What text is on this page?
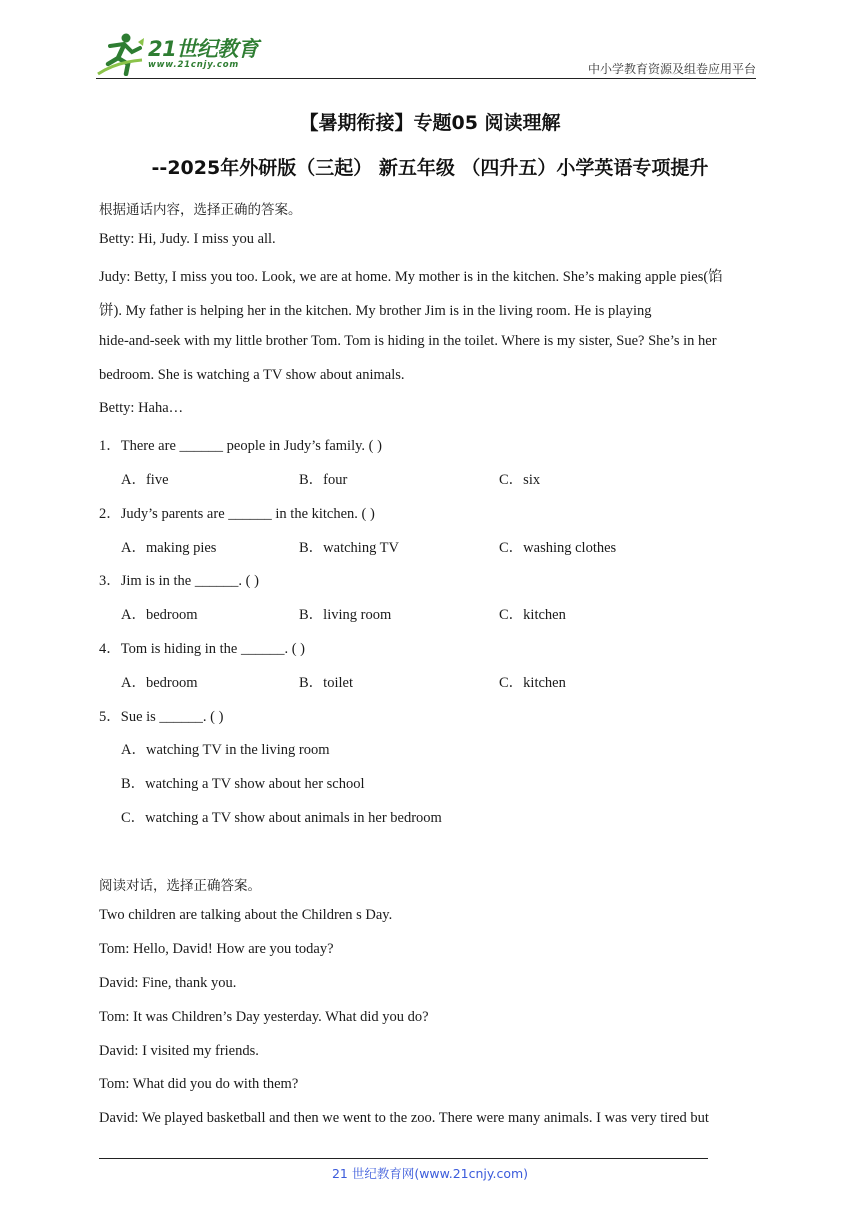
21世纪教育
www.21cnjy.com	中小学教育资源及组卷应用平台
【暑期衔接】专题05 阅读理解
--2025年外研版（三起） 新五年级 （四升五）小学英语专项提升
根据通话内容，选择正确的答案。
Betty: Hi, Judy. I miss you all.
Judy: Betty, I miss you too. Look, we are at home. My mother is in the kitchen. She’s making apple pies(馅
饼). My father is helping her in the kitchen. My brother Jim is in the living room. He is playing
hide-and-seek with my little brother Tom. Tom is hiding in the toilet. Where is my sister, Sue? She’s in her
bedroom. She is watching a TV show about animals.
Betty: Haha…
1．There are ______ people in Judy’s family. ( )
A．five	B．four	C．six
2．Judy’s parents are ______ in the kitchen. ( )
A．making pies	B．watching TV	C．washing clothes
3．Jim is in the ______. ( )
A．bedroom	B．living room	C．kitchen
4．Tom is hiding in the ______. ( )
A．bedroom	B．toilet	C．kitchen
5．Sue is ______. ( )
A．watching TV in the living room
B．watching a TV show about her school
C．watching a TV show about animals in her bedroom
阅读对话，选择正确答案。
Two children are talking about the Children s Day.
Tom: Hello, David! How are you today?
David: Fine, thank you.
Tom: It was Children’s Day yesterday. What did you do?
David: I visited my friends.
Tom: What did you do with them?
David: We played basketball and then we went to the zoo. There were many animals. I was very tired but
21 世纪教育网(www.21cnjy.com)
